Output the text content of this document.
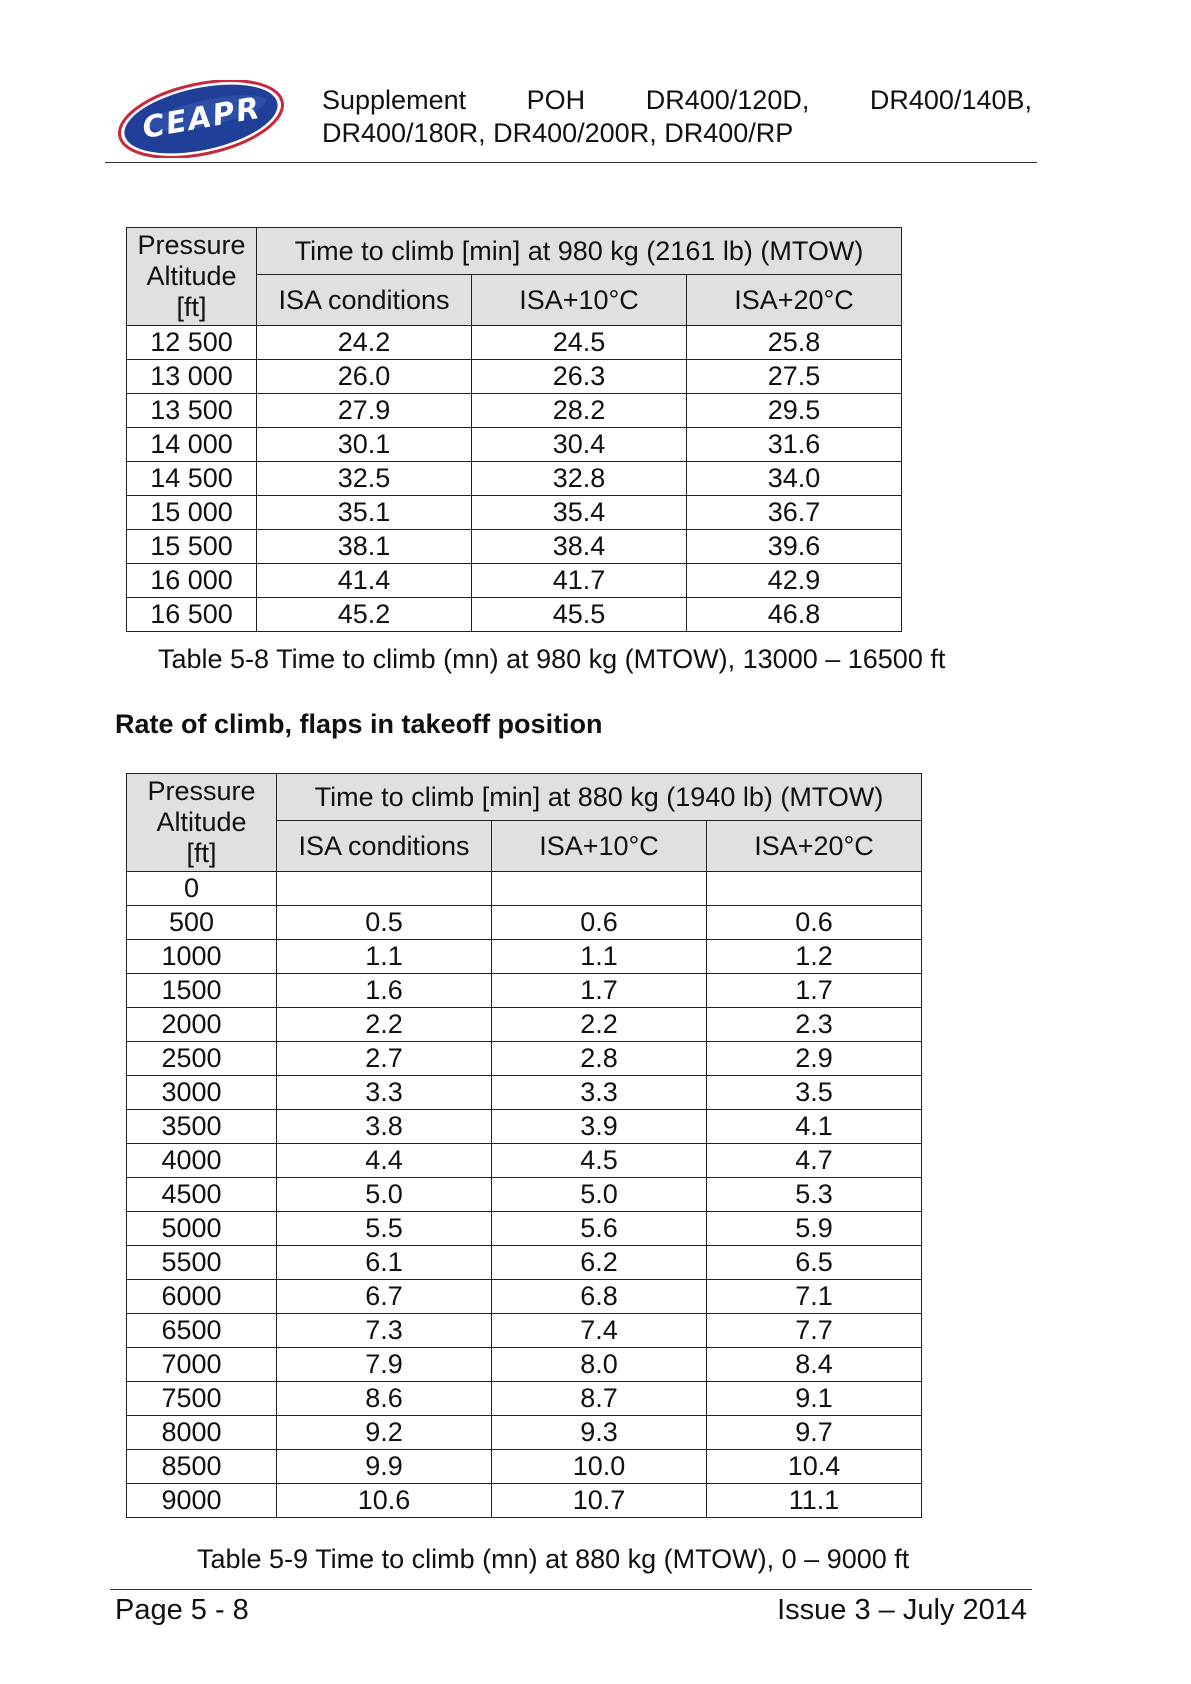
CEAPR Supplement POH DR400/120D, DR400/140B,
DR400/180R, DR400/200R, DR400/RP
Pressure
Altitude
[ft]	Time to climb [min] at 980 kg (2161 lb) (MTOW)		
	ISA conditions	ISA+10°C	ISA+20°C
12 500	24.2	24.5	25.8
13 000	26.0	26.3	27.5
13 500	27.9	28.2	29.5
14 000	30.1	30.4	31.6
14 500	32.5	32.8	34.0
15 000	35.1	35.4	36.7
15 500	38.1	38.4	39.6
16 000	41.4	41.7	42.9
16 500	45.2	45.5	46.8
Table 5-8 Time to climb (mn) at 980 kg (MTOW), 13000 – 16500 ft
Rate of climb, flaps in takeoff position
Pressure
Altitude
[ft]	Time to climb [min] at 880 kg (1940 lb) (MTOW)		
	ISA conditions	ISA+10°C	ISA+20°C
0			
500	0.5	0.6	0.6
1000	1.1	1.1	1.2
1500	1.6	1.7	1.7
2000	2.2	2.2	2.3
2500	2.7	2.8	2.9
3000	3.3	3.3	3.5
3500	3.8	3.9	4.1
4000	4.4	4.5	4.7
4500	5.0	5.0	5.3
5000	5.5	5.6	5.9
5500	6.1	6.2	6.5
6000	6.7	6.8	7.1
6500	7.3	7.4	7.7
7000	7.9	8.0	8.4
7500	8.6	8.7	9.1
8000	9.2	9.3	9.7
8500	9.9	10.0	10.4
9000	10.6	10.7	11.1
Table 5-9 Time to climb (mn) at 880 kg (MTOW), 0 – 9000 ft
Page 5 - 8	Issue 3 – July 2014
